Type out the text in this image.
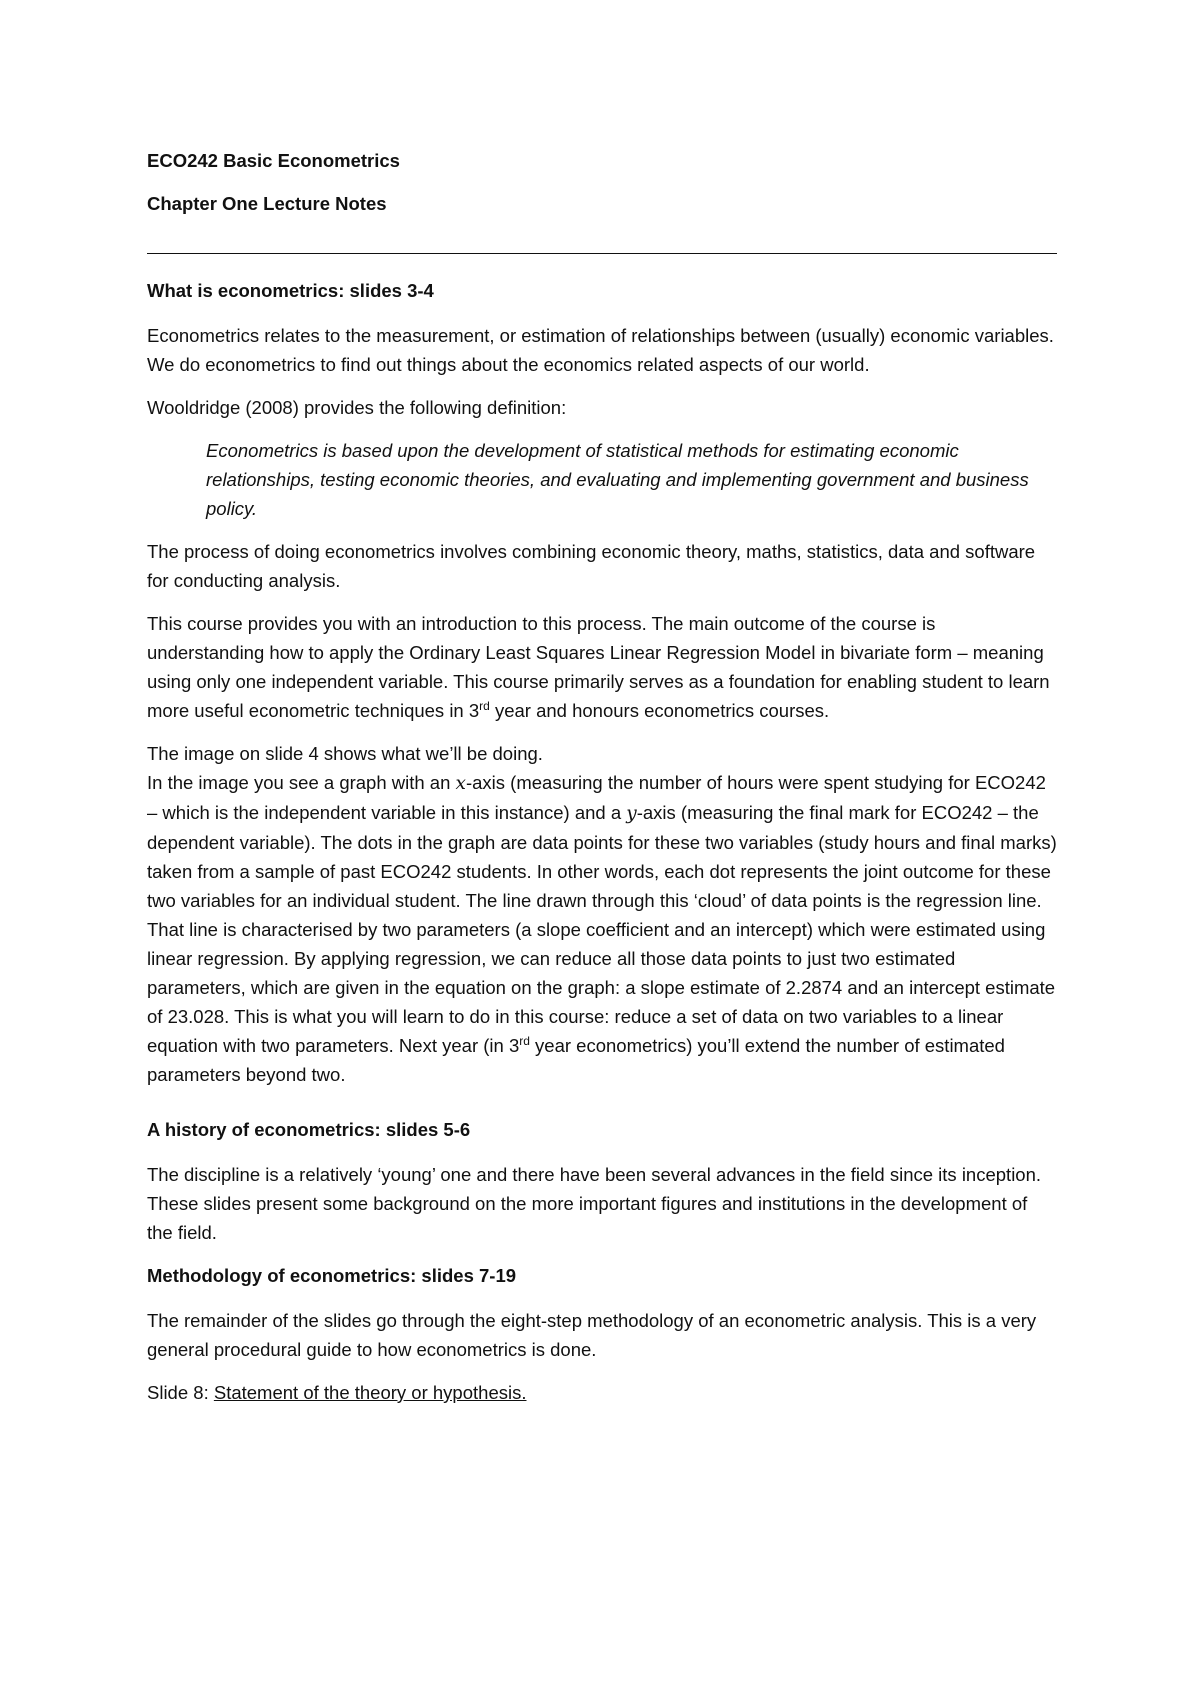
ECO242 Basic Econometrics

Chapter One Lecture Notes

What is econometrics: slides 3-4

Econometrics relates to the measurement, or estimation of relationships between (usually) economic variables. We do econometrics to find out things about the economics related aspects of our world.

Wooldridge (2008) provides the following definition:

Econometrics is based upon the development of statistical methods for estimating economic relationships, testing economic theories, and evaluating and implementing government and business policy.

The process of doing econometrics involves combining economic theory, maths, statistics, data and software for conducting analysis.

This course provides you with an introduction to this process. The main outcome of the course is understanding how to apply the Ordinary Least Squares Linear Regression Model in bivariate form – meaning using only one independent variable. This course primarily serves as a foundation for enabling student to learn more useful econometric techniques in 3rd year and honours econometrics courses.

The image on slide 4 shows what we’ll be doing.

In the image you see a graph with an x-axis (measuring the number of hours were spent studying for ECO242 – which is the independent variable in this instance) and a y-axis (measuring the final mark for ECO242 – the dependent variable). The dots in the graph are data points for these two variables (study hours and final marks) taken from a sample of past ECO242 students. In other words, each dot represents the joint outcome for these two variables for an individual student. The line drawn through this ‘cloud’ of data points is the regression line. That line is characterised by two parameters (a slope coefficient and an intercept) which were estimated using linear regression. By applying regression, we can reduce all those data points to just two estimated parameters, which are given in the equation on the graph: a slope estimate of 2.2874 and an intercept estimate of 23.028. This is what you will learn to do in this course: reduce a set of data on two variables to a linear equation with two parameters. Next year (in 3rd year econometrics) you’ll extend the number of estimated parameters beyond two.

A history of econometrics: slides 5-6

The discipline is a relatively ‘young’ one and there have been several advances in the field since its inception. These slides present some background on the more important figures and institutions in the development of the field.

Methodology of econometrics: slides 7-19

The remainder of the slides go through the eight-step methodology of an econometric analysis. This is a very general procedural guide to how econometrics is done.

Slide 8: Statement of the theory or hypothesis.
